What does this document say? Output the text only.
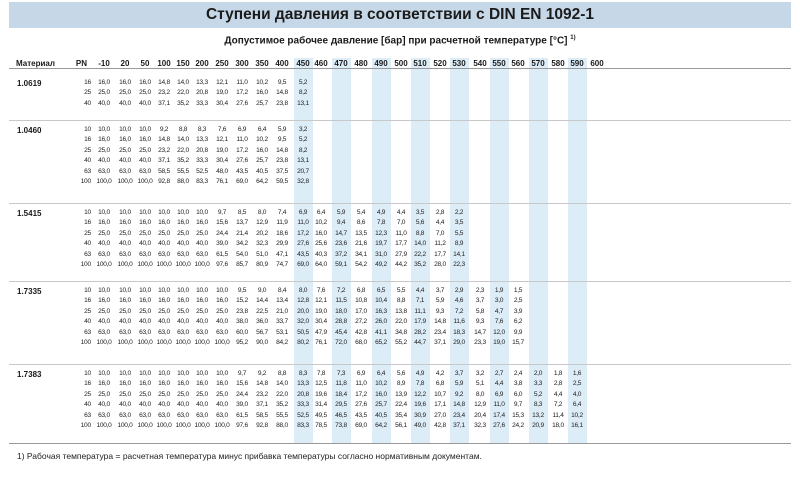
Ступени давления в соответствии с DIN EN 1092-1
Допустимое рабочее давление [бар] при расчетной температуре [°C] $^{1)}$
Материал	PN -10 20 50 100 150 200 250 300 350 400 450 460 470 480 490 500 510 520 530 540 550 560 570 580 590 600
1.0619	16 16,0 16,0 16,0 14,8 14,0 13,3 12,1 11,0 10,2 9,5 5,2
25 25,0 25,0 25,0 23,2 22,0 20,8 19,0 17,2 16,0 14,8 8,2
40 40,0 40,0 40,0 37,1 35,2 33,3 30,4 27,6 25,7 23,8 13,1
1.0460	10 10,0 10,0 10,0 9,2 8,8 8,3 7,6 6,9 6,4 5,9 3,2
16 16,0 16,0 16,0 14,8 14,0 13,3 12,1 11,0 10,2 9,5 5,2
25 25,0 25,0 25,0 23,2 22,0 20,8 19,0 17,2 16,0 14,8 8,2
40 40,0 40,0 40,0 37,1 35,2 33,3 30,4 27,6 25,7 23,8 13,1
63 63,0 63,0 63,0 58,5 55,5 52,5 48,0 43,5 40,5 37,5 20,7
100 100,0 100,0 100,0 92,8 88,0 83,3 76,1 69,0 64,2 59,5 32,8
1.5415	10 10,0 10,0 10,0 10,0 10,0 10,0 9,7 8,5 8,0 7,4 6,9 6,4 5,9 5,4 4,9 4,4 3,5 2,8 2,2
16 16,0 16,0 16,0 16,0 16,0 16,0 15,6 13,7 12,9 11,9 11,0 10,2 9,4 8,6 7,8 7,0 5,6 4,4 3,5
25 25,0 25,0 25,0 25,0 25,0 25,0 24,4 21,4 20,2 18,6 17,2 16,0 14,7 13,5 12,3 11,0 8,8 7,0 5,5
40 40,0 40,0 40,0 40,0 40,0 40,0 39,0 34,2 32,3 29,9 27,6 25,6 23,6 21,6 19,7 17,7 14,0 11,2 8,9
63 63,0 63,0 63,0 63,0 63,0 63,0 61,5 54,0 51,0 47,1 43,5 40,3 37,2 34,1 31,0 27,9 22,2 17,7 14,1
100 100,0 100,0 100,0 100,0 100,0 100,0 97,6 85,7 80,9 74,7 69,0 64,0 59,1 54,2 49,2 44,2 35,2 28,0 22,3
1.7335	10 10,0 10,0 10,0 10,0 10,0 10,0 10,0 9,5 9,0 8,4 8,0 7,6 7,2 6,8 6,5 5,5 4,4 3,7 2,9 2,3 1,9 1,5
16 16,0 16,0 16,0 16,0 16,0 16,0 16,0 15,2 14,4 13,4 12,8 12,1 11,5 10,8 10,4 8,8 7,1 5,9 4,6 3,7 3,0 2,5
25 25,0 25,0 25,0 25,0 25,0 25,0 25,0 23,8 22,5 21,0 20,0 19,0 18,0 17,0 16,3 13,8 11,1 9,3 7,2 5,8 4,7 3,9
40 40,0 40,0 40,0 40,0 40,0 40,0 40,0 38,0 36,0 33,7 32,0 30,4 28,8 27,2 26,0 22,0 17,9 14,8 11,6 9,3 7,6 6,2
63 63,0 63,0 63,0 63,0 63,0 63,0 63,0 60,0 56,7 53,1 50,5 47,9 45,4 42,8 41,1 34,8 28,2 23,4 18,3 14,7 12,0 9,9
100 100,0 100,0 100,0 100,0 100,0 100,0 100,0 95,2 90,0 84,2 80,2 76,1 72,0 68,0 65,2 55,2 44,7 37,1 29,0 23,3 19,0 15,7
1.7383	10 10,0 10,0 10,0 10,0 10,0 10,0 10,0 9,7 9,2 8,8 8,3 7,8 7,3 6,9 6,4 5,6 4,9 4,2 3,7 3,2 2,7 2,4 2,0 1,8 1,6
16 16,0 16,0 16,0 16,0 16,0 16,0 16,0 15,6 14,8 14,0 13,3 12,5 11,8 11,0 10,2 8,9 7,8 6,8 5,9 5,1 4,4 3,8 3,3 2,8 2,5
25 25,0 25,0 25,0 25,0 25,0 25,0 25,0 24,4 23,2 22,0 20,8 19,6 18,4 17,2 16,0 13,9 12,2 10,7 9,2 8,0 6,9 6,0 5,2 4,4 4,0
40 40,0 40,0 40,0 40,0 40,0 40,0 40,0 39,0 37,1 35,2 33,3 31,4 29,5 27,6 25,7 22,4 19,6 17,1 14,8 12,9 11,0 9,7 8,3 7,2 6,4
63 63,0 63,0 63,0 63,0 63,0 63,0 63,0 61,5 58,5 55,5 52,5 49,5 46,5 43,5 40,5 35,4 30,9 27,0 23,4 20,4 17,4 15,3 13,2 11,4 10,2
100 100,0 100,0 100,0 100,0 100,0 100,0 100,0 97,6 92,8 88,0 83,3 78,5 73,8 69,0 64,2 56,1 49,0 42,8 37,1 32,3 27,6 24,2 20,9 18,0 16,1
1) Рабочая температура = расчетная температура минус прибавка температуры согласно нормативным документам.
